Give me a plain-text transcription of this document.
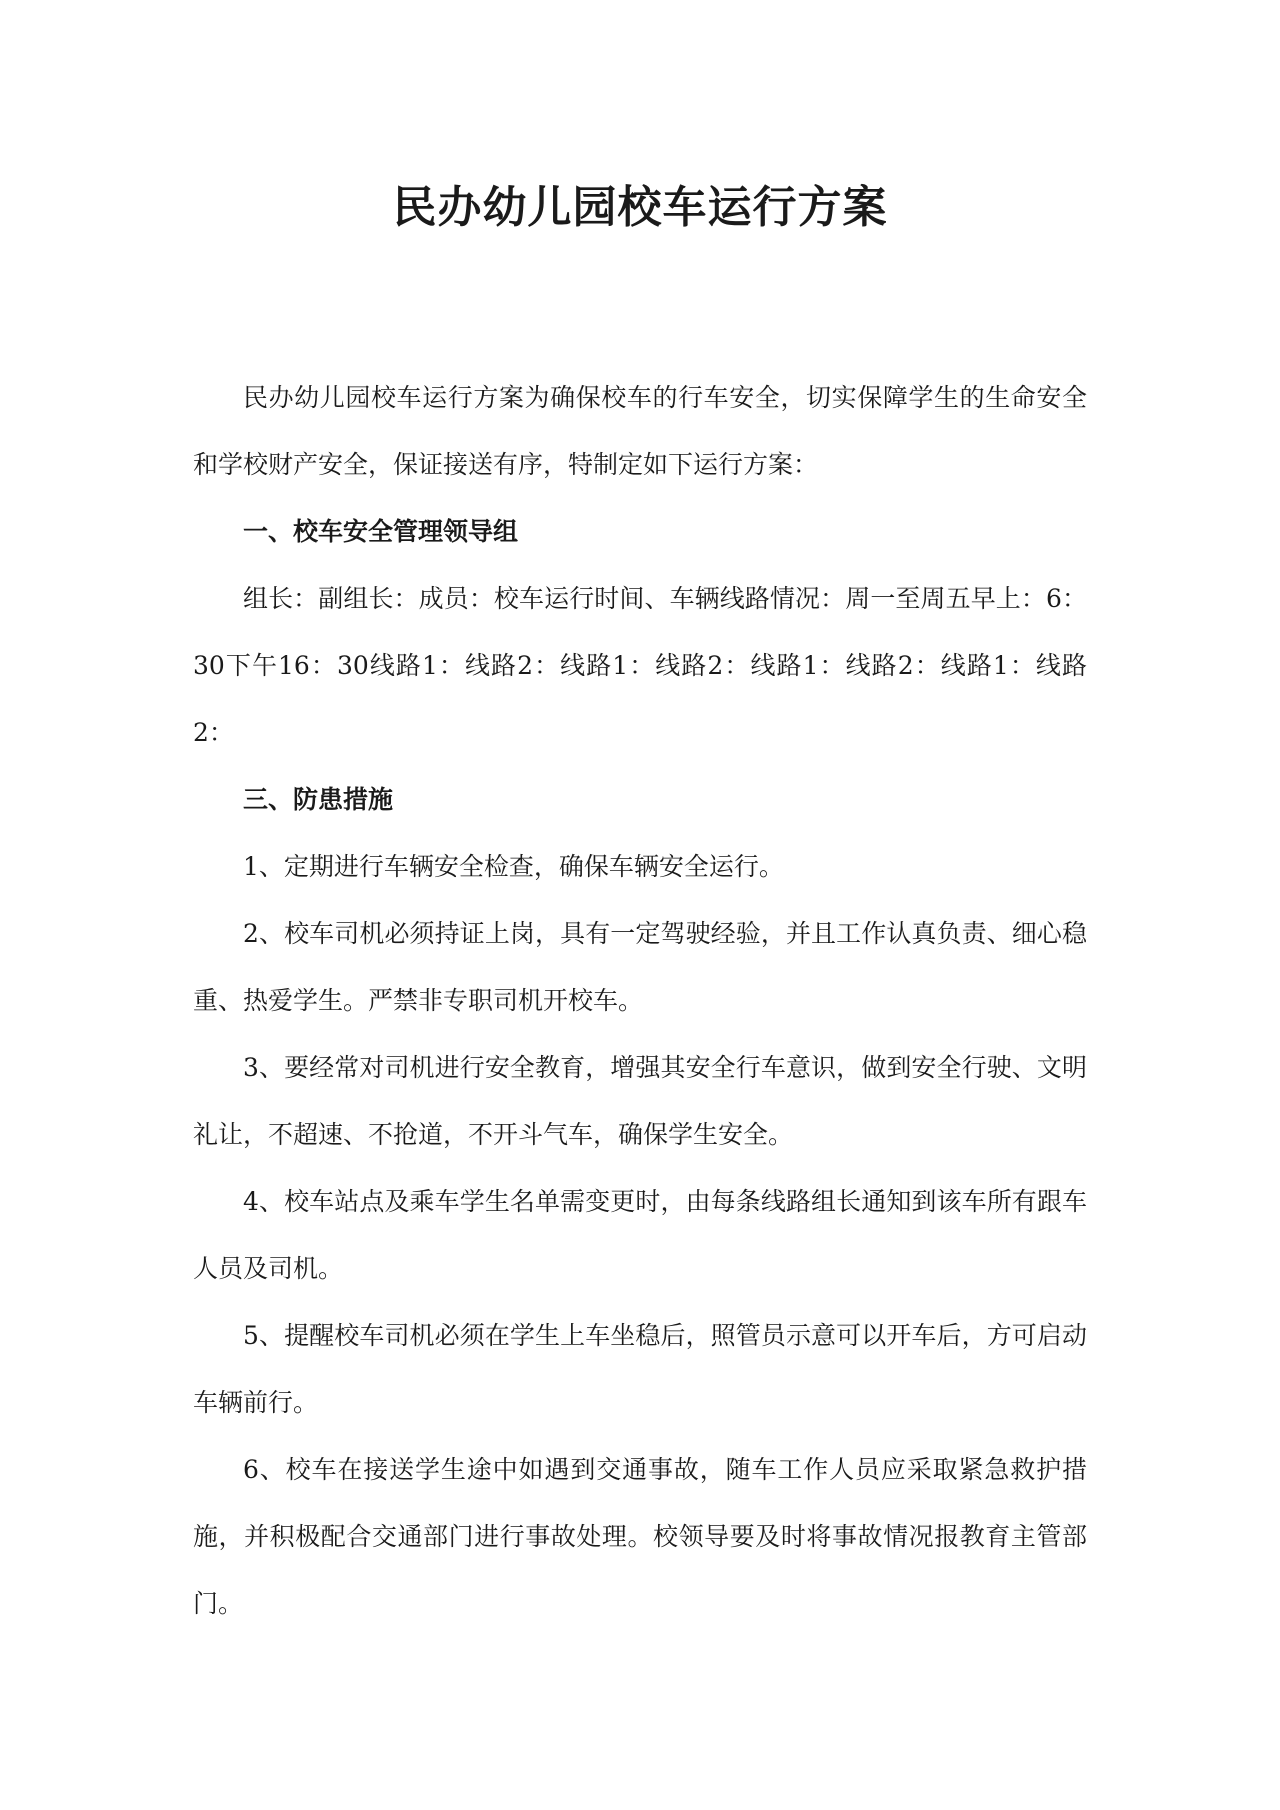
民办幼儿园校车运行方案

民办幼儿园校车运行方案为确保校车的行车安全，切实保障学生的生命安全和学校财产安全，保证接送有序，特制定如下运行方案：

一、校车安全管理领导组

组长：副组长：成员：校车运行时间、车辆线路情况：周一至周五早上：6：30下午16：30线路1：线路2：线路1：线路2：线路1：线路2：线路1：线路2：

三、防患措施

1、定期进行车辆安全检查，确保车辆安全运行。

2、校车司机必须持证上岗，具有一定驾驶经验，并且工作认真负责、细心稳重、热爱学生。严禁非专职司机开校车。

3、要经常对司机进行安全教育，增强其安全行车意识，做到安全行驶、文明礼让，不超速、不抢道，不开斗气车，确保学生安全。

4、校车站点及乘车学生名单需变更时，由每条线路组长通知到该车所有跟车人员及司机。

5、提醒校车司机必须在学生上车坐稳后，照管员示意可以开车后，方可启动车辆前行。

6、校车在接送学生途中如遇到交通事故，随车工作人员应采取紧急救护措施，并积极配合交通部门进行事故处理。校领导要及时将事故情况报教育主管部门。
